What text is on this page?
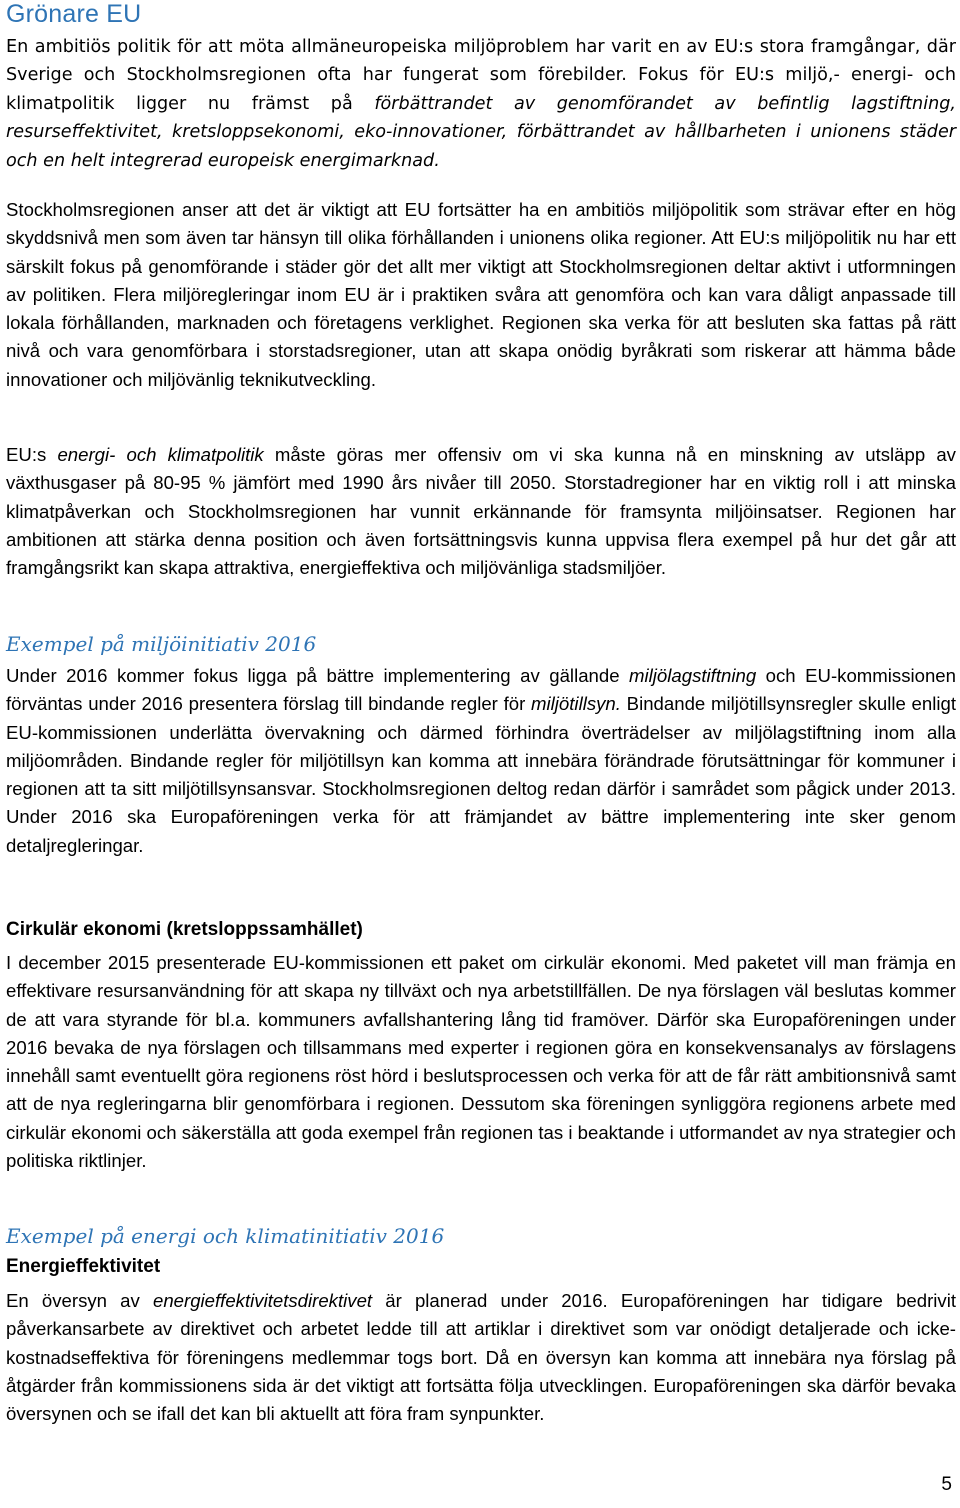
Grönare EU

En ambitiös politik för att möta allmäneuropeiska miljöproblem har varit en av EU:s stora framgångar, där Sverige och Stockholmsregionen ofta har fungerat som förebilder. Fokus för EU:s miljö,- energi- och klimatpolitik ligger nu främst på förbättrandet av genomförandet av befintlig lagstiftning, resurseffektivitet, kretsloppsekonomi, eko-innovationer, förbättrandet av hållbarheten i unionens städer och en helt integrerad europeisk energimarknad.

Stockholmsregionen anser att det är viktigt att EU fortsätter ha en ambitiös miljöpolitik som strävar efter en hög skyddsnivå men som även tar hänsyn till olika förhållanden i unionens olika regioner. Att EU:s miljöpolitik nu har ett särskilt fokus på genomförande i städer gör det allt mer viktigt att Stockholmsregionen deltar aktivt i utformningen av politiken. Flera miljöregleringar inom EU är i praktiken svåra att genomföra och kan vara dåligt anpassade till lokala förhållanden, marknaden och företagens verklighet. Regionen ska verka för att besluten ska fattas på rätt nivå och vara genomförbara i storstadsregioner, utan att skapa onödig byråkrati som riskerar att hämma både innovationer och miljövänlig teknikutveckling.

EU:s energi- och klimatpolitik måste göras mer offensiv om vi ska kunna nå en minskning av utsläpp av växthusgaser på 80-95 % jämfört med 1990 års nivåer till 2050. Storstadregioner har en viktig roll i att minska klimatpåverkan och Stockholmsregionen har vunnit erkännande för framsynta miljöinsatser. Regionen har ambitionen att stärka denna position och även fortsättningsvis kunna uppvisa flera exempel på hur det går att framgångsrikt kan skapa attraktiva, energieffektiva och miljövänliga stadsmiljöer.

Exempel på miljöinitiativ 2016

Under 2016 kommer fokus ligga på bättre implementering av gällande miljölagstiftning och EU-kommissionen förväntas under 2016 presentera förslag till bindande regler för miljötillsyn. Bindande miljötillsynsregler skulle enligt EU-kommissionen underlätta övervakning och därmed förhindra överträdelser av miljölagstiftning inom alla miljöområden. Bindande regler för miljötillsyn kan komma att innebära förändrade förutsättningar för kommuner i regionen att ta sitt miljötillsynsansvar. Stockholmsregionen deltog redan därför i samrådet som pågick under 2013. Under 2016 ska Europaföreningen verka för att främjandet av bättre implementering inte sker genom detaljregleringar.

Cirkulär ekonomi (kretsloppssamhället)

I december 2015 presenterade EU-kommissionen ett paket om cirkulär ekonomi. Med paketet vill man främja en effektivare resursanvändning för att skapa ny tillväxt och nya arbetstillfällen. De nya förslagen väl beslutas kommer de att vara styrande för bl.a. kommuners avfallshantering lång tid framöver. Därför ska Europaföreningen under 2016 bevaka de nya förslagen och tillsammans med experter i regionen göra en konsekvensanalys av förslagens innehåll samt eventuellt göra regionens röst hörd i beslutsprocessen och verka för att de får rätt ambitionsnivå samt att de nya regleringarna blir genomförbara i regionen. Dessutom ska föreningen synliggöra regionens arbete med cirkulär ekonomi och säkerställa att goda exempel från regionen tas i beaktande i utformandet av nya strategier och politiska riktlinjer.

Exempel på energi och klimatinitiativ 2016
Energieffektivitet

En översyn av energieffektivitetsdirektivet är planerad under 2016. Europaföreningen har tidigare bedrivit påverkansarbete av direktivet och arbetet ledde till att artiklar i direktivet som var onödigt detaljerade och icke-kostnadseffektiva för föreningens medlemmar togs bort. Då en översyn kan komma att innebära nya förslag på åtgärder från kommissionens sida är det viktigt att fortsätta följa utvecklingen. Europaföreningen ska därför bevaka översynen och se ifall det kan bli aktuellt att föra fram synpunkter.

5
